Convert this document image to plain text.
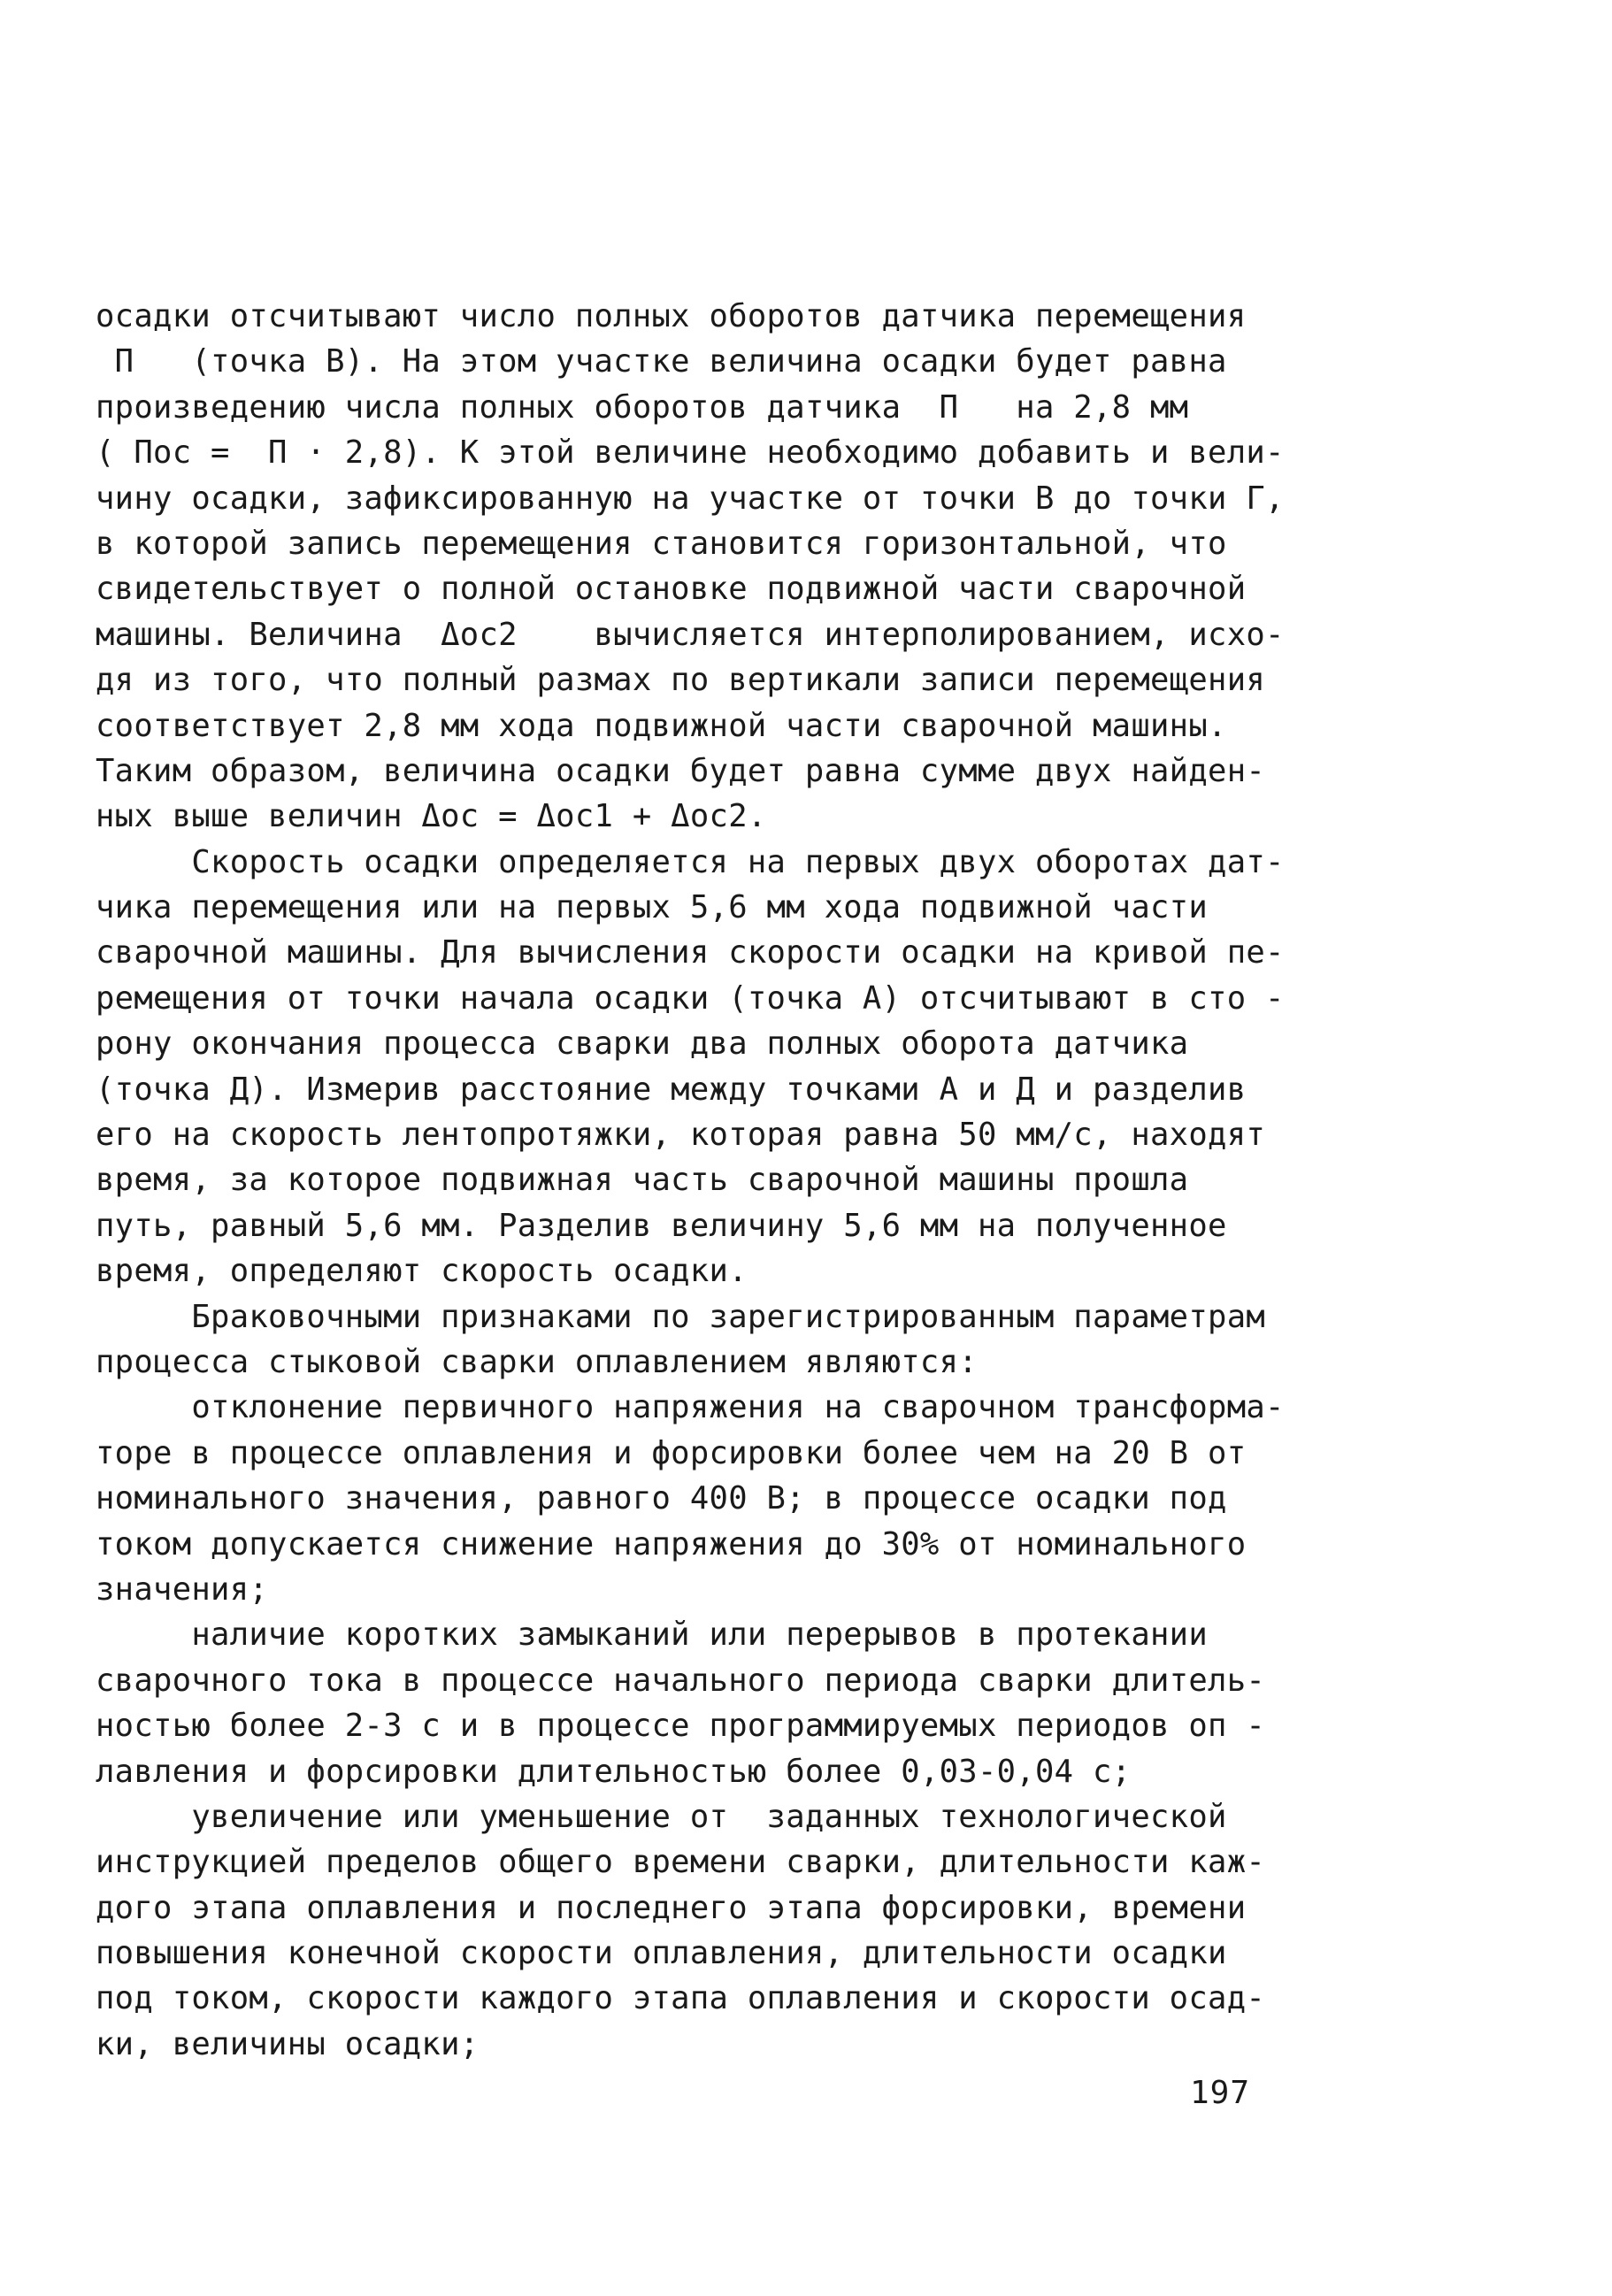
осадки отсчитывают число полных оборотов датчика перемещения
П   (точка В). На этом участке величина осадки будет равна
произведению числа полных оборотов датчика  П   на 2,8 мм
( Пос =  П · 2,8). К этой величине необходимо добавить и вели-
чину осадки, зафиксированную на участке от точки В до точки Г,
в которой запись перемещения становится горизонтальной, что
свидетельствует о полной остановке подвижной части сварочной
машины. Величина  Δос2    вычисляется интерполированием, исхо-
дя из того, что полный размах по вертикали записи перемещения
соответствует 2,8 мм хода подвижной части сварочной машины.
Таким образом, величина осадки будет равна сумме двух найден-
ных выше величин Δос = Δос1 + Δос2.
Скорость осадки определяется на первых двух оборотах дат-
чика перемещения или на первых 5,6 мм хода подвижной части
сварочной машины. Для вычисления скорости осадки на кривой пе-
ремещения от точки начала осадки (точка А) отсчитывают в сто -
рону окончания процесса сварки два полных оборота датчика
(точка Д). Измерив расстояние между точками А и Д и разделив
его на скорость лентопротяжки, которая равна 50 мм/с, находят
время, за которое подвижная часть сварочной машины прошла
путь, равный 5,6 мм. Разделив величину 5,6 мм на полученное
время, определяют скорость осадки.
Браковочными признаками по зарегистрированным параметрам
процесса стыковой сварки оплавлением являются:
отклонение первичного напряжения на сварочном трансформа-
торе в процессе оплавления и форсировки более чем на 20 В от
номинального значения, равного 400 В; в процессе осадки под
током допускается снижение напряжения до 30% от номинального
значения;
наличие коротких замыканий или перерывов в протекании
сварочного тока в процессе начального периода сварки длитель-
ностью более 2-3 с и в процессе программируемых периодов оп -
лавления и форсировки длительностью более 0,03-0,04 с;
увеличение или уменьшение от  заданных технологической
инструкцией пределов общего времени сварки, длительности каж-
дого этапа оплавления и последнего этапа форсировки, времени
повышения конечной скорости оплавления, длительности осадки
под током, скорости каждого этапа оплавления и скорости осад-
ки, величины осадки;
197
